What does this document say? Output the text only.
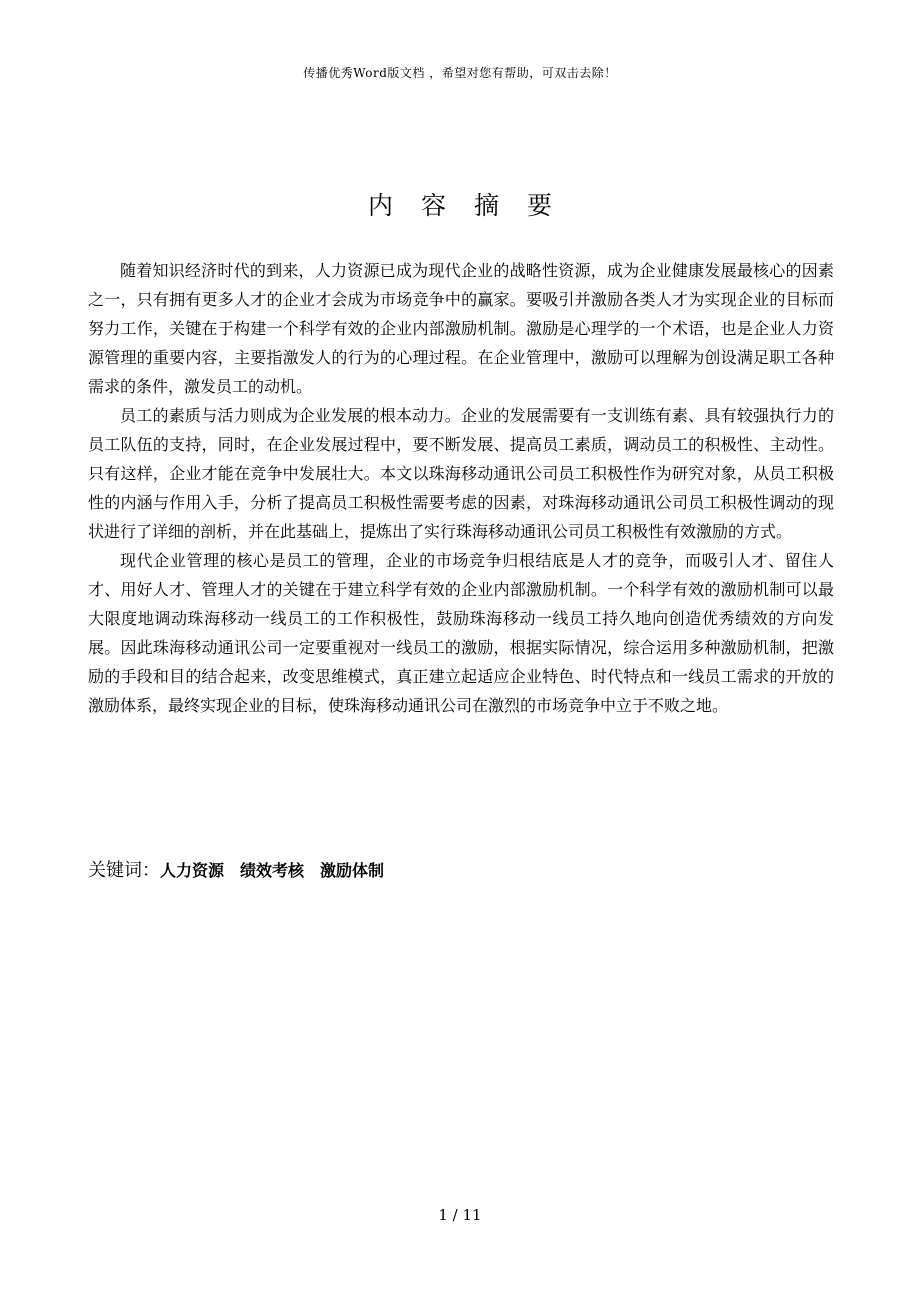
传播优秀Word版文档 ，希望对您有帮助，可双击去除！
内容摘要

随着知识经济时代的到来，人力资源已成为现代企业的战略性资源，成为企业健康发展最核心的因素之一，只有拥有更多人才的企业才会成为市场竞争中的赢家。要吸引并激励各类人才为实现企业的目标而努力工作，关键在于构建一个科学有效的企业内部激励机制。激励是心理学的一个术语，也是企业人力资源管理的重要内容，主要指激发人的行为的心理过程。在企业管理中，激励可以理解为创设满足职工各种需求的条件，激发员工的动机。

员工的素质与活力则成为企业发展的根本动力。企业的发展需要有一支训练有素、具有较强执行力的员工队伍的支持，同时，在企业发展过程中，要不断发展、提高员工素质，调动员工的积极性、主动性。只有这样，企业才能在竞争中发展壮大。本文以珠海移动通讯公司员工积极性作为研究对象，从员工积极性的内涵与作用入手，分析了提高员工积极性需要考虑的因素，对珠海移动通讯公司员工积极性调动的现状进行了详细的剖析，并在此基础上，提炼出了实行珠海移动通讯公司员工积极性有效激励的方式。

现代企业管理的核心是员工的管理，企业的市场竞争归根结底是人才的竞争，而吸引人才、留住人才、用好人才、管理人才的关键在于建立科学有效的企业内部激励机制。一个科学有效的激励机制可以最大限度地调动珠海移动一线员工的工作积极性，鼓励珠海移动一线员工持久地向创造优秀绩效的方向发展。因此珠海移动通讯公司一定要重视对一线员工的激励，根据实际情况，综合运用多种激励机制，把激励的手段和目的结合起来，改变思维模式，真正建立起适应企业特色、时代特点和一线员工需求的开放的激励体系，最终实现企业的目标，使珠海移动通讯公司在激烈的市场竞争中立于不败之地。

关键词：人力资源　绩效考核　激励体制
1 / 11
